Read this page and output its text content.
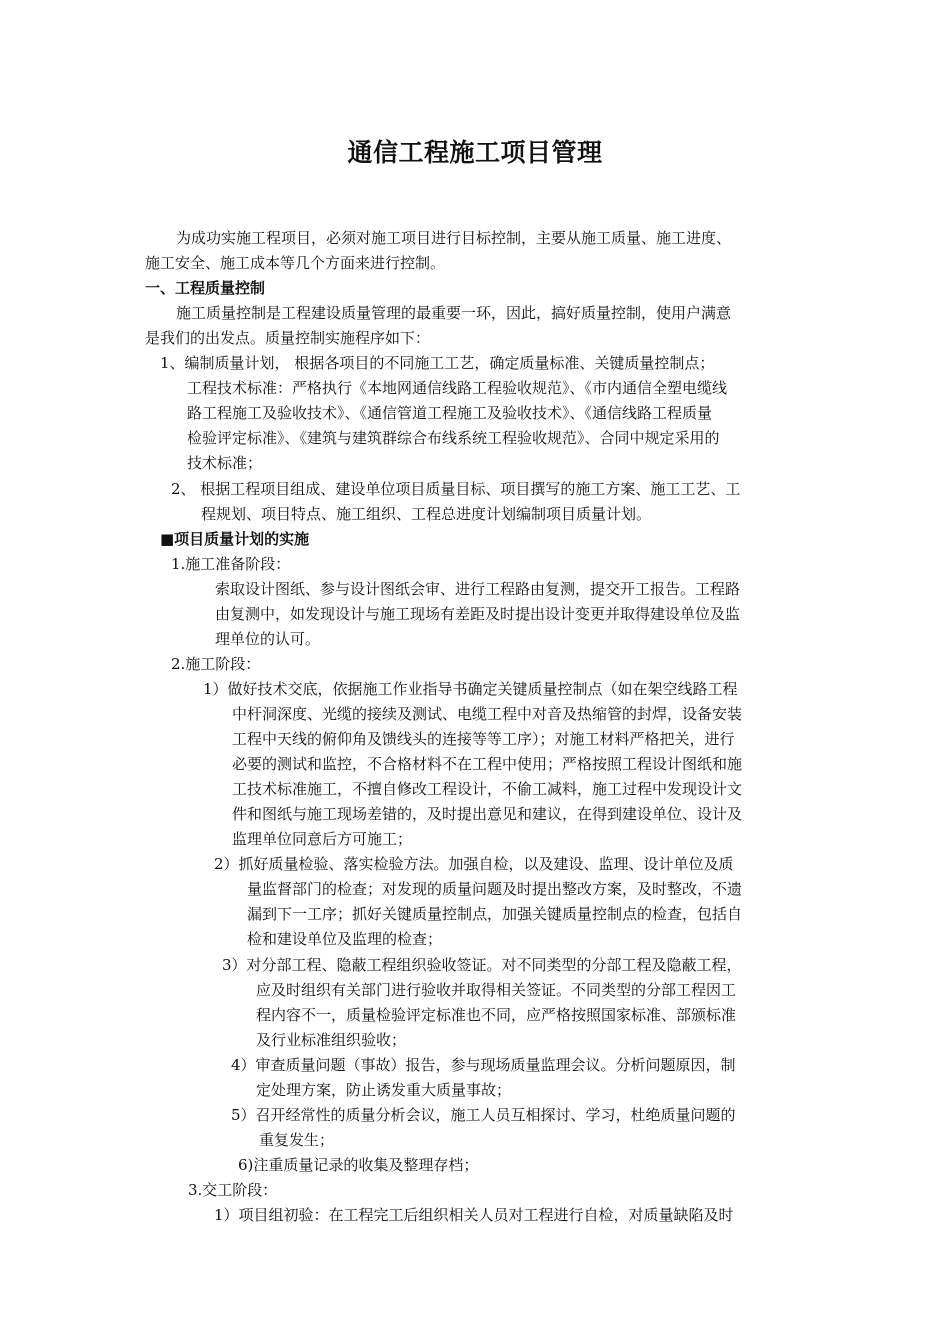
通信工程施工项目管理
为成功实施工程项目，必须对施工项目进行目标控制，主要从施工质量、施工进度、
施工安全、施工成本等几个方面来进行控制。
一、工程质量控制
施工质量控制是工程建设质量管理的最重要一环，因此，搞好质量控制，使用户满意
是我们的出发点。质量控制实施程序如下：
1、编制质量计划， 根据各项目的不同施工工艺，确定质量标准、关键质量控制点；
工程技术标准：严格执行《本地网通信线路工程验收规范》、《市内通信全塑电缆线
路工程施工及验收技术》、《通信管道工程施工及验收技术》、《通信线路工程质量
检验评定标准》、《建筑与建筑群综合布线系统工程验收规范》、合同中规定采用的
技术标准；
2、 根据工程项目组成、建设单位项目质量目标、项目撰写的施工方案、施工工艺、工
程规划、项目特点、施工组织、工程总进度计划编制项目质量计划。
■项目质量计划的实施
1.施工准备阶段：
索取设计图纸、参与设计图纸会审、进行工程路由复测，提交开工报告。工程路
由复测中，如发现设计与施工现场有差距及时提出设计变更并取得建设单位及监
理单位的认可。
2.施工阶段：
1）做好技术交底，依据施工作业指导书确定关键质量控制点（如在架空线路工程
中杆洞深度、光缆的接续及测试、电缆工程中对音及热缩管的封焊，设备安装
工程中天线的俯仰角及馈线头的连接等等工序）；对施工材料严格把关，进行
必要的测试和监控，不合格材料不在工程中使用；严格按照工程设计图纸和施
工技术标准施工，不擅自修改工程设计，不偷工减料，施工过程中发现设计文
件和图纸与施工现场差错的，及时提出意见和建议，在得到建设单位、设计及
监理单位同意后方可施工；
2）抓好质量检验、落实检验方法。加强自检，以及建设、监理、设计单位及质
量监督部门的检查；对发现的质量问题及时提出整改方案，及时整改，不遗
漏到下一工序；抓好关键质量控制点，加强关键质量控制点的检查，包括自
检和建设单位及监理的检查；
3）对分部工程、隐蔽工程组织验收签证。对不同类型的分部工程及隐蔽工程，
应及时组织有关部门进行验收并取得相关签证。不同类型的分部工程因工
程内容不一，质量检验评定标准也不同，应严格按照国家标准、部颁标准
及行业标准组织验收；
4）审查质量问题（事故）报告，参与现场质量监理会议。分析问题原因，制
定处理方案，防止诱发重大质量事故；
5）召开经常性的质量分析会议，施工人员互相探讨、学习，杜绝质量问题的
重复发生；
6)注重质量记录的收集及整理存档；
3.交工阶段：
1）项目组初验：在工程完工后组织相关人员对工程进行自检，对质量缺陷及时
